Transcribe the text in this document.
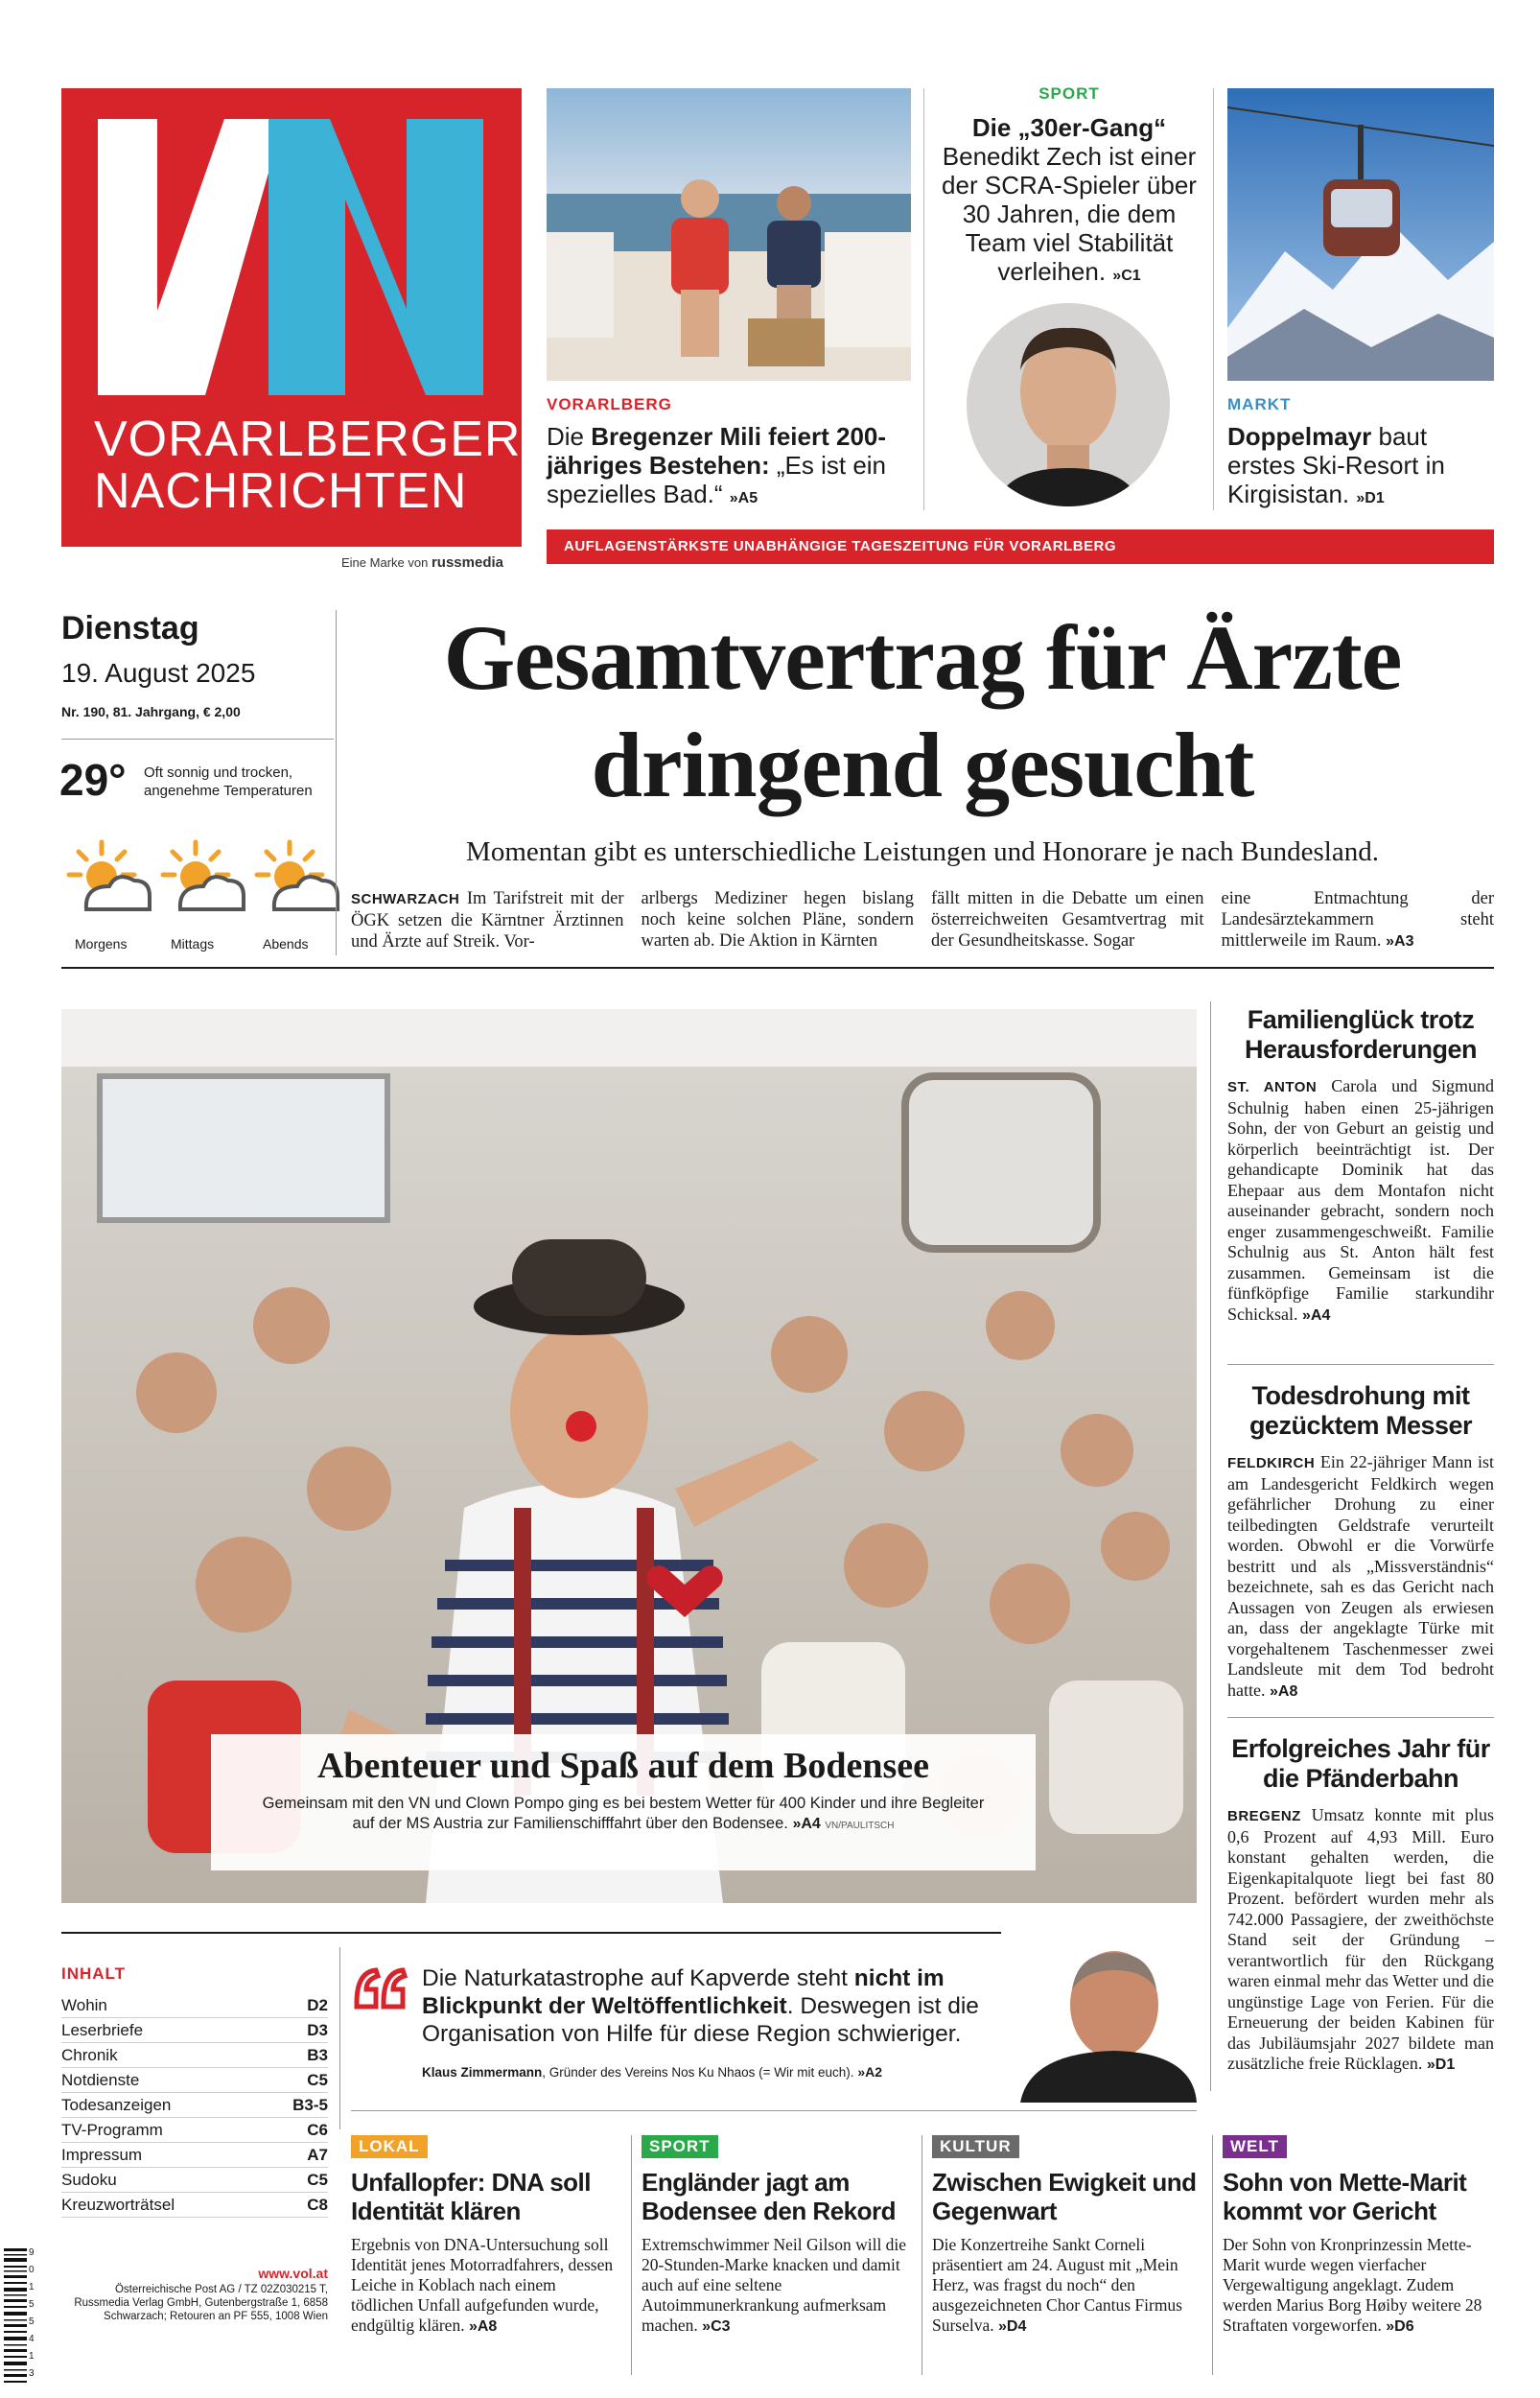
VORARLBERGER
NACHRICHTEN
Eine Marke von russmedia
VORARLBERG
Die Bregenzer Mili feiert 200-jähriges Bestehen: „Es ist ein spezielles Bad.“ »A5
SPORT
Die „30er-Gang“
Benedikt Zech ist einer der SCRA-Spieler über 30 Jahren, die dem Team viel Stabilität verleihen. »C1
MARKT
Doppelmayr baut erstes Ski-Resort in Kirgisistan. »D1
AUFLAGENSTÄRKSTE UNABHÄNGIGE TAGESZEITUNG FÜR VORARLBERG
Dienstag
19. August 2025
Nr. 190, 81. Jahrgang, € 2,00
29° Oft sonnig und trocken, angenehme Temperaturen
Morgens	Mittags	Abends
Gesamtvertrag für Ärzte
dringend gesucht
Momentan gibt es unterschiedliche Leistungen und Honorare je nach Bundesland.
SCHWARZACH Im Tarifstreit mit der ÖGK setzen die Kärntner Ärztinnen und Ärzte auf Streik. Vor-
arlbergs Mediziner hegen bislang noch keine solchen Pläne, sondern warten ab. Die Aktion in Kärnten
fällt mitten in die Debatte um einen österreichweiten Gesamtvertrag mit der Gesundheitskasse. Sogar
eine Entmachtung der Landesärztekammern steht mittlerweile im Raum. »A3
Abenteuer und Spaß auf dem Bodensee
Gemeinsam mit den VN und Clown Pompo ging es bei bestem Wetter für 400 Kinder und ihre Begleiter auf der MS Austria zur Familienschifffahrt über den Bodensee. »A4 VN/PAULITSCH
Familienglück trotz Herausforderungen
ST. ANTON Carola und Sigmund Schulnig haben einen 25-jährigen Sohn, der von Geburt an geistig und körperlich beeinträchtigt ist. Der gehandicapte Dominik hat das Ehepaar aus dem Montafon nicht auseinander gebracht, sondern noch enger zusammengeschweißt. Familie Schulnig aus St. Anton hält fest zusammen. Gemeinsam ist die fünfköpfige Familie starkundihr Schicksal. »A4
Todesdrohung mit gezücktem Messer
FELDKIRCH Ein 22-jähriger Mann ist am Landesgericht Feldkirch wegen gefährlicher Drohung zu einer teilbedingten Geldstrafe verurteilt worden. Obwohl er die Vorwürfe bestritt und als „Missverständnis“ bezeichnete, sah es das Gericht nach Aussagen von Zeugen als erwiesen an, dass der angeklagte Türke mit vorgehaltenem Taschenmesser zwei Landsleute mit dem Tod bedroht hatte. »A8
Erfolgreiches Jahr für die Pfänderbahn
BREGENZ Umsatz konnte mit plus 0,6 Prozent auf 4,93 Mill. Euro konstant gehalten werden, die Eigenkapitalquote liegt bei fast 80 Prozent. befördert wurden mehr als 742.000 Passagiere, der zweithöchste Stand seit der Gründung – verantwortlich für den Rückgang waren einmal mehr das Wetter und die ungünstige Lage von Ferien. Für die Erneuerung der beiden Kabinen für das Jubiläumsjahr 2027 bildete man zusätzliche freie Rücklagen. »D1
INHALT
Wohin	D2
Leserbriefe	D3
Chronik	B3
Notdienste	C5
Todesanzeigen	B3-5
TV-Programm	C6
Impressum	A7
Sudoku	C5
Kreuzworträtsel	C8
Die Naturkatastrophe auf Kapverde steht nicht im Blickpunkt der Weltöffentlichkeit. Deswegen ist die Organisation von Hilfe für diese Region schwieriger.
Klaus Zimmermann, Gründer des Vereins Nos Ku Nhaos (= Wir mit euch). »A2
www.vol.at
Österreichische Post AG / TZ 02Z030215 T, Russmedia Verlag GmbH, Gutenbergstraße 1, 6858 Schwarzach; Retouren an PF 555, 1008 Wien
9 0 1 5 5 4 1 3
LOKAL
Unfallopfer: DNA soll Identität klären
Ergebnis von DNA-Untersuchung soll Identität jenes Motorradfahrers, dessen Leiche in Koblach nach einem tödlichen Unfall aufgefunden wurde, endgültig klären. »A8
SPORT
Engländer jagt am Bodensee den Rekord
Extremschwimmer Neil Gilson will die 20-Stunden-Marke knacken und damit auch auf eine seltene Autoimmunerkrankung aufmerksam machen. »C3
KULTUR
Zwischen Ewigkeit und Gegenwart
Die Konzertreihe Sankt Corneli präsentiert am 24. August mit „Mein Herz, was fragst du noch“ den ausgezeichneten Chor Cantus Firmus Surselva. »D4
WELT
Sohn von Mette-Marit kommt vor Gericht
Der Sohn von Kronprinzessin Mette-Marit wurde wegen vierfacher Vergewaltigung angeklagt. Zudem werden Marius Borg Høiby weitere 28 Straftaten vorgeworfen. »D6
